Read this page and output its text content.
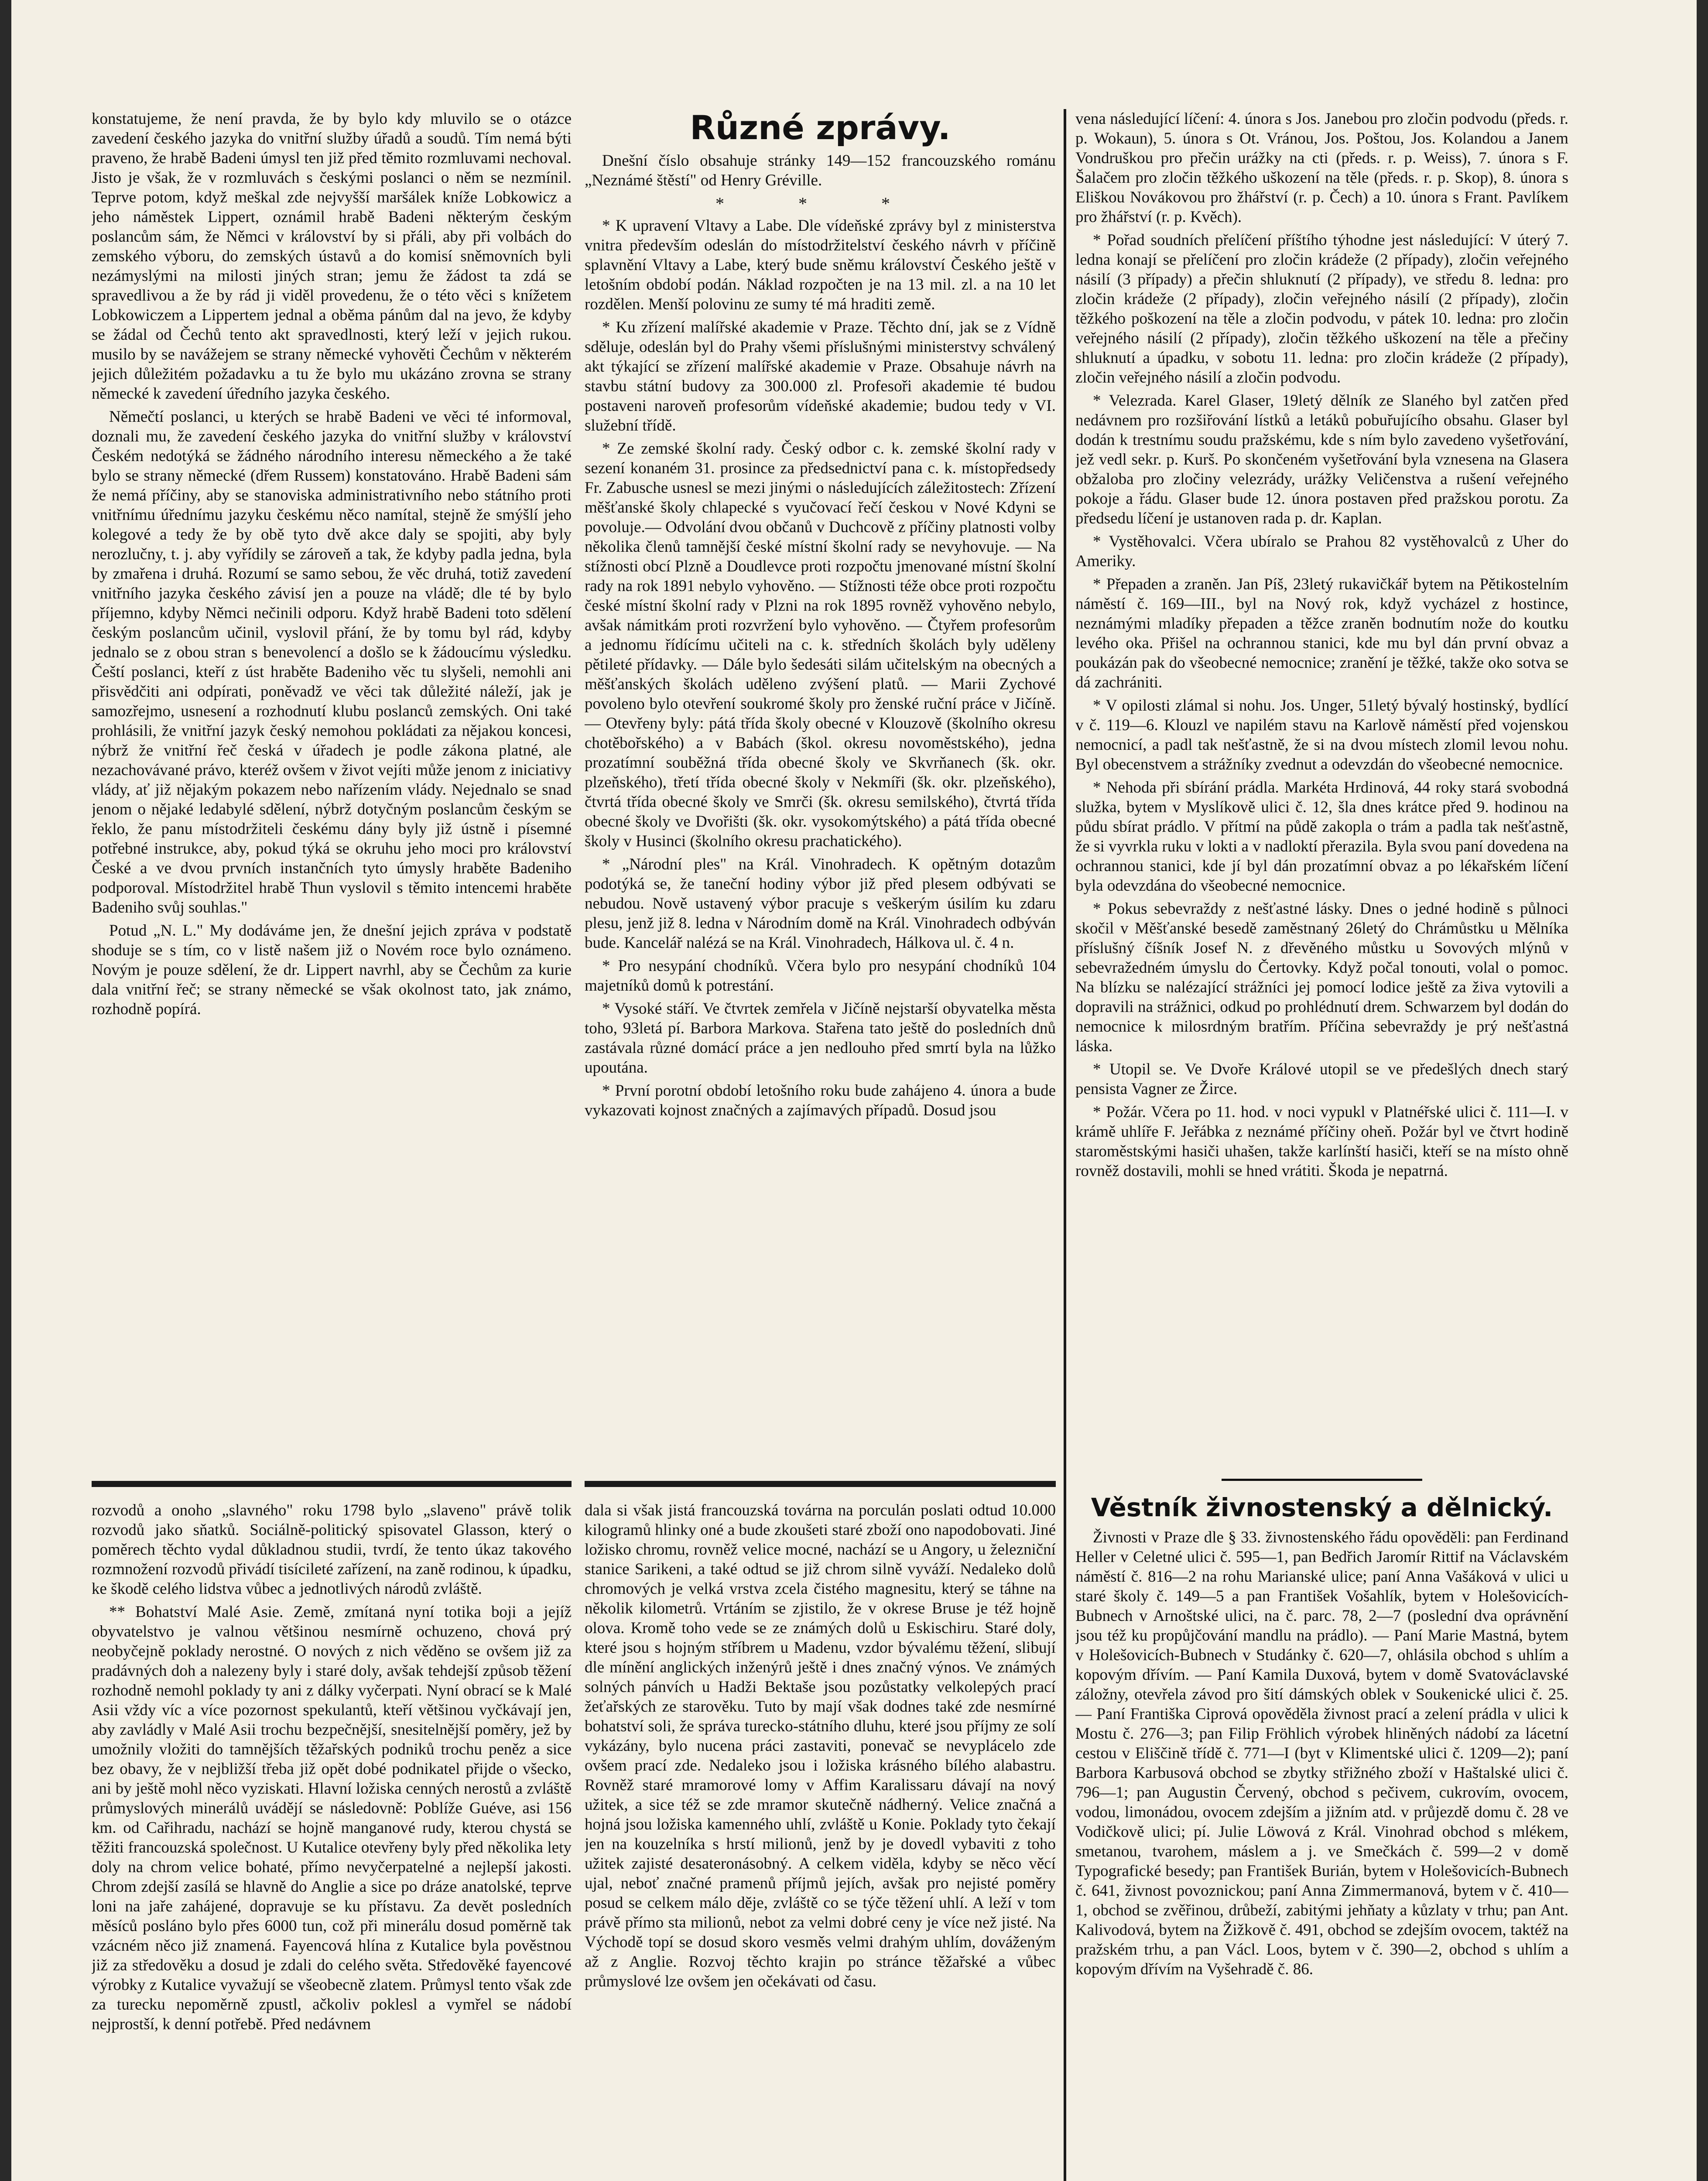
konstatujeme, že není pravda, že by bylo kdy mluvilo se o otázce zavedení českého jazyka do vnitřní služby úřadů a soudů. Tím nemá býti praveno, že hrabě Badeni úmysl ten již před těmito rozmluvami nechoval. Jisto je však, že v rozmluvách s českými poslanci o něm se nezmínil. Teprve potom, když meškal zde nejvyšší maršálek kníže Lobkowicz a jeho náměstek Lippert, oznámil hrabě Badeni některým českým poslancům sám, že Němci v království by si přáli, aby při volbách do zemského výboru, do zemských ústavů a do komisí sněmovních byli nezámyslými na milosti jiných stran; jemu že žádost ta zdá se spravedlivou a že by rád ji viděl provedenu, že o této věci s knížetem Lobkowiczem a Lippertem jednal a oběma pánům dal na jevo, že kdyby se žádal od Čechů tento akt spravedlnosti, který leží v jejich rukou. musilo by se navážejem se strany německé vyhověti Čechům v některém jejich důležitém požadavku a tu že bylo mu ukázáno zrovna se strany německé k zavedení úředního jazyka českého.

Němečtí poslanci, u kterých se hrabě Badeni ve věci té informoval, doznali mu, že zavedení českého jazyka do vnitřní služby v království Českém nedotýká se žádného národního interesu německého a že také bylo se strany německé (dřem Russem) konstatováno. Hrabě Badeni sám že nemá příčiny, aby se stanoviska administrativního nebo státního proti vnitřnímu úřednímu jazyku českému něco namítal, stejně že smýšlí jeho kolegové a tedy že by obě tyto dvě akce daly se spojiti, aby byly nerozlučny, t. j. aby vyřídily se zároveň a tak, že kdyby padla jedna, byla by zmařena i druhá. Rozumí se samo sebou, že věc druhá, totiž zavedení vnitřního jazyka českého závisí jen a pouze na vládě; dle té by bylo příjemno, kdyby Němci nečinili odporu. Když hrabě Badeni toto sdělení českým poslancům učinil, vyslovil přání, že by tomu byl rád, kdyby jednalo se z obou stran s benevolencí a došlo se k žádoucímu výsledku. Čeští poslanci, kteří z úst hraběte Badeniho věc tu slyšeli, nemohli ani přisvědčiti ani odpírati, poněvadž ve věci tak důležité náleží, jak je samozřejmo, usnesení a rozhodnutí klubu poslanců zemských. Oni také prohlásili, že vnitřní jazyk český nemohou pokládati za nějakou koncesi, nýbrž že vnitřní řeč česká v úřadech je podle zákona platné, ale nezachovávané právo, kteréž ovšem v život vejíti může jenom z iniciativy vlády, ať již nějakým pokazem nebo nařízením vlády. Nejednalo se snad jenom o nějaké ledabylé sdělení, nýbrž dotyčným poslancům českým se řeklo, že panu místodržiteli českému dány byly již ústně i písemné potřebné instrukce, aby, pokud týká se okruhu jeho moci pro království České a ve dvou prvních instančních tyto úmysly hraběte Badeniho podporoval. Místodržitel hrabě Thun vyslovil s těmito intencemi hraběte Badeniho svůj souhlas."

Potud „N. L." My dodáváme jen, že dnešní jejich zpráva v podstatě shoduje se s tím, co v listě našem již o Novém roce bylo oznámeno. Novým je pouze sdělení, že dr. Lippert navrhl, aby se Čechům za kurie dala vnitřní řeč; se strany německé se však okolnost tato, jak známo, rozhodně popírá.

rozvodů a onoho „slavného" roku 1798 bylo „slaveno" právě tolik rozvodů jako sňatků. Sociálně-politický spisovatel Glasson, který o poměrech těchto vydal důkladnou studii, tvrdí, že tento úkaz takového rozmnožení rozvodů přivádí tisícileté zařízení, na zaně rodinou, k úpadku, ke škodě celého lidstva vůbec a jednotlivých národů zvláště.

** Bohatství Malé Asie. Země, zmítaná nyní totika boji a jejíž obyvatelstvo je valnou většinou nesmírně ochuzeno, chová prý neobyčejně poklady nerostné. O nových z nich věděno se ovšem již za pradávných doh a nalezeny byly i staré doly, avšak tehdejší způsob těžení rozhodně nemohl poklady ty ani z dálky vyčerpati. Nyní obrací se k Malé Asii vždy víc a více pozornost spekulantů, kteří většinou vyčkávají jen, aby zavládly v Malé Asii trochu bezpečnější, snesitelnější poměry, jež by umožnily vložiti do tamnějších těžařských podniků trochu peněz a sice bez obavy, že v nejbližší třeba již opět dobé podnikatel přijde o všecko, ani by ještě mohl něco vyziskati. Hlavní ložiska cenných nerostů a zvláště průmyslových minerálů uvádějí se následovně: Poblíže Guéve, asi 156 km. od Cařihradu, nachází se hojně manganové rudy, kterou chystá se těžiti francouzská společnost. U Kutalice otevřeny byly před několika lety doly na chrom velice bohaté, přímo nevyčerpatelné a nejlepší jakosti. Chrom zdejší zasílá se hlavně do Anglie a sice po dráze anatolské, teprve loni na jaře zahájené, dopravuje se ku přístavu. Za devět posledních měsíců posláno bylo přes 6000 tun, což při minerálu dosud poměrně tak vzácném něco již znamená. Fayencová hlína z Kutalice byla pověstnou již za středověku a dosud je zdali do celého světa. Středověké fayencové výrobky z Kutalice vyvažují se všeobecně zlatem. Průmysl tento však zde za turecku nepoměrně zpustl, ačkoliv poklesl a vymřel se nádobí nejprostší, k denní potřebě. Před nedávnem

Různé zprávy.

Dnešní číslo obsahuje stránky 149—152 francouzského románu „Neznámé štěstí" od Henry Gréville.

* * *

* K upravení Vltavy a Labe. Dle vídeňské zprávy byl z ministerstva vnitra především odeslán do místodržitelství českého návrh v příčině splavnění Vltavy a Labe, který bude sněmu království Českého ještě v letošním období podán. Náklad rozpočten je na 13 mil. zl. a na 10 let rozdělen. Menší polovinu ze sumy té má hraditi země.

* Ku zřízení malířské akademie v Praze. Těchto dní, jak se z Vídně sděluje, odeslán byl do Prahy všemi příslušnými ministerstvy schválený akt týkající se zřízení malířské akademie v Praze. Obsahuje návrh na stavbu státní budovy za 300.000 zl. Profesoři akademie té budou postaveni naroveň profesorům vídeňské akademie; budou tedy v VI. služební třídě.

* Ze zemské školní rady. Český odbor c. k. zemské školní rady v sezení konaném 31. prosince za předsednictví pana c. k. místopředsedy Fr. Zabusche usnesl se mezi jinými o následujících záležitostech: Zřízení měšťanské školy chlapecké s vyučovací řečí českou v Nové Kdyni se povoluje.— Odvolání dvou občanů v Duchcově z příčiny platnosti volby několika členů tamnější české místní školní rady se nevyhovuje. — Na stížnosti obcí Plzně a Doudlevce proti rozpočtu jmenované místní školní rady na rok 1891 nebylo vyhověno. — Stížnosti téže obce proti rozpočtu české místní školní rady v Plzni na rok 1895 rovněž vyhověno nebylo, avšak námitkám proti rozvržení bylo vyhověno. — Čtyřem profesorům a jednomu řídícímu učiteli na c. k. středních školách byly uděleny pětileté přídavky. — Dále bylo šedesáti silám učitelským na obecných a měšťanských školách uděleno zvýšení platů. — Marii Zychové povoleno bylo otevření soukromé školy pro ženské ruční práce v Jičíně. — Otevřeny byly: pátá třída školy obecné v Klouzově (školního okresu chotěbořského) a v Babách (škol. okresu novoměstského), jedna prozatímní souběžná třída obecné školy ve Skvrňanech (šk. okr. plzeňského), třetí třída obecné školy v Nekmíři (šk. okr. plzeňského), čtvrtá třída obecné školy ve Smrči (šk. okresu semilského), čtvrtá třída obecné školy ve Dvořišti (šk. okr. vysokomýtského) a pátá třída obecné školy v Husinci (školního okresu prachatického).

* „Národní ples" na Král. Vinohradech. K opětným dotazům podotýká se, že taneční hodiny výbor již před plesem odbývati se nebudou. Nově ustavený výbor pracuje s veškerým úsilím ku zdaru plesu, jenž již 8. ledna v Národním domě na Král. Vinohradech odbýván bude. Kancelář nalézá se na Král. Vinohradech, Hálkova ul. č. 4 n.

* Pro nesypání chodníků. Včera bylo pro nesypání chodníků 104 majetníků domů k potrestání.

* Vysoké stáří. Ve čtvrtek zemřela v Jičíně nejstarší obyvatelka města toho, 93letá pí. Barbora Markova. Stařena tato ještě do posledních dnů zastávala různé domácí práce a jen nedlouho před smrtí byla na lůžko upoutána.

* První porotní období letošního roku bude zahájeno 4. února a bude vykazovati kojnost značných a zajímavých případů. Dosud jsou

dala si však jistá francouzská továrna na porculán poslati odtud 10.000 kilogramů hlinky oné a bude zkoušeti staré zboží ono napodobovati. Jiné ložisko chromu, rovněž velice mocné, nachází se u Angory, u železniční stanice Sarikeni, a také odtud se již chrom silně vyváží. Nedaleko dolů chromových je velká vrstva zcela čistého magnesitu, který se táhne na několik kilometrů. Vrtáním se zjistilo, že v okrese Bruse je též hojně olova. Kromě toho vede se ze známých dolů u Eskischiru. Staré doly, které jsou s hojným stříbrem u Madenu, vzdor bývalému těžení, slibují dle mínění anglických inženýrů ještě i dnes značný výnos. Ve známých solných pánvích u Hadži Bektaše jsou pozůstatky velkolepých prací žeťařských ze starověku. Tuto by mají však dodnes také zde nesmírné bohatství soli, že správa turecko-státního dluhu, které jsou příjmy ze solí vykázány, bylo nucena práci zastaviti, ponevač se nevyplácelo zde ovšem prací zde. Nedaleko jsou i ložiska krásného bílého alabastru. Rovněž staré mramorové lomy v Affim Karalissaru dávají na nový užitek, a sice též se zde mramor skutečně nádherný. Velice značná a hojná jsou ložiska kamenného uhlí, zvláště u Konie. Poklady tyto čekají jen na kouzelníka s hrstí milionů, jenž by je dovedl vybaviti z toho užitek zajisté desateronásobný. A celkem viděla, kdyby se něco věcí ujal, neboť značné pramenů příjmů jejích, avšak pro nejisté poměry posud se celkem málo děje, zvláště co se týče těžení uhlí. A leží v tom právě přímo sta milionů, nebot za velmi dobré ceny je více než jisté. Na Východě topí se dosud skoro vesměs velmi drahým uhlím, dováženým až z Anglie. Rozvoj těchto krajin po stránce těžařské a vůbec průmyslové lze ovšem jen očekávati od času.

vena následující líčení: 4. února s Jos. Janebou pro zločin podvodu (předs. r. p. Wokaun), 5. února s Ot. Vránou, Jos. Poštou, Jos. Kolandou a Janem Vondruškou pro přečin urážky na cti (předs. r. p. Weiss), 7. února s F. Šalačem pro zločin těžkého uškození na těle (předs. r. p. Skop), 8. února s Eliškou Novákovou pro žhářství (r. p. Čech) a 10. února s Frant. Pavlíkem pro žhářství (r. p. Kvěch).

* Pořad soudních přelíčení příštího týhodne jest následující: V úterý 7. ledna konají se přelíčení pro zločin krádeže (2 případy), zločin veřejného násilí (3 případy) a přečin shluknutí (2 případy), ve středu 8. ledna: pro zločin krádeže (2 případy), zločin veřejného násilí (2 případy), zločin těžkého poškození na těle a zločin podvodu, v pátek 10. ledna: pro zločin veřejného násilí (2 případy), zločin těžkého uškození na těle a přečiny shluknutí a úpadku, v sobotu 11. ledna: pro zločin krádeže (2 případy), zločin veřejného násilí a zločin podvodu.

* Velezrada. Karel Glaser, 19letý dělník ze Slaného byl zatčen před nedávnem pro rozšiřování lístků a letáků pobuřujícího obsahu. Glaser byl dodán k trestnímu soudu pražskému, kde s ním bylo zavedeno vyšetřování, jež vedl sekr. p. Kurš. Po skončeném vyšetřování byla vznesena na Glasera obžaloba pro zločiny velezrády, urážky Veličenstva a rušení veřejného pokoje a řádu. Glaser bude 12. února postaven před pražskou porotu. Za předsedu líčení je ustanoven rada p. dr. Kaplan.

* Vystěhovalci. Včera ubíralo se Prahou 82 vystěhovalců z Uher do Ameriky.

* Přepaden a zraněn. Jan Píš, 23letý rukavičkář bytem na Pětikostelním náměstí č. 169—III., byl na Nový rok, když vycházel z hostince, neznámými mladíky přepaden a těžce zraněn bodnutím nože do koutku levého oka. Přišel na ochrannou stanici, kde mu byl dán první obvaz a poukázán pak do všeobecné nemocnice; zranění je těžké, takže oko sotva se dá zachrániti.

* V opilosti zlámal si nohu. Jos. Unger, 51letý bývalý hostinský, bydlící v č. 119—6. Klouzl ve napilém stavu na Karlově náměstí před vojenskou nemocnicí, a padl tak nešťastně, že si na dvou místech zlomil levou nohu. Byl obecenstvem a strážníky zvednut a odevzdán do všeobecné nemocnice.

* Nehoda při sbírání prádla. Markéta Hrdinová, 44 roky stará svobodná služka, bytem v Myslíkově ulici č. 12, šla dnes krátce před 9. hodinou na půdu sbírat prádlo. V přítmí na půdě zakopla o trám a padla tak nešťastně, že si vyvrkla ruku v lokti a v nadloktí přerazila. Byla svou paní dovedena na ochrannou stanici, kde jí byl dán prozatímní obvaz a po lékařském líčení byla odevzdána do všeobecné nemocnice.

* Pokus sebevraždy z nešťastné lásky. Dnes o jedné hodině s půlnoci skočil v Měšťanské besedě zaměstnaný 26letý do Chrámůstku u Mělníka příslušný číšník Josef N. z dřevěného můstku u Sovových mlýnů v sebevražedném úmyslu do Čertovky. Když počal tonouti, volal o pomoc. Na blízku se nalézající strážníci jej pomocí lodice ještě za živa vytovili a dopravili na strážnici, odkud po prohlédnutí drem. Schwarzem byl dodán do nemocnice k milosrdným bratřím. Příčina sebevraždy je prý nešťastná láska.

* Utopil se. Ve Dvoře Králové utopil se ve předešlých dnech starý pensista Vagner ze Žirce.

* Požár. Včera po 11. hod. v noci vypukl v Platnéřské ulici č. 111—I. v krámě uhlíře F. Jeřábka z neznámé příčiny oheň. Požár byl ve čtvrt hodině staroměstskými hasiči uhašen, takže karlínští hasiči, kteří se na místo ohně rovněž dostavili, mohli se hned vrátiti. Škoda je nepatrná.

Věstník živnostenský a dělnický.

Živnosti v Praze dle § 33. živnostenského řádu opověděli: pan Ferdinand Heller v Celetné ulici č. 595—1, pan Bedřich Jaromír Rittif na Václavském náměstí č. 816—2 na rohu Marianské ulice; paní Anna Vašáková v ulici u staré školy č. 149—5 a pan František Vošahlík, bytem v Holešovicích-Bubnech v Arnoštské ulici, na č. parc. 78, 2—7 (poslední dva oprávnění jsou též ku propůjčování mandlu na prádlo). — Paní Marie Mastná, bytem v Holešovicích-Bubnech v Studánky č. 620—7, ohlásila obchod s uhlím a kopovým dřívím. — Paní Kamila Duxová, bytem v domě Svatováclavské záložny, otevřela závod pro šití dámských oblek v Soukenické ulici č. 25. — Paní Františka Ciprová opověděla živnost prací a zelení prádla v ulici k Mostu č. 276—3; pan Filip Fröhlich výrobek hliněných nádobí za lácetní cestou v Eliščině třídě č. 771—I (byt v Klimentské ulici č. 1209—2); paní Barbora Karbusová obchod se zbytky střižného zboží v Haštalské ulici č. 796—1; pan Augustin Červený, obchod s pečivem, cukrovím, ovocem, vodou, limonádou, ovocem zdejším a jižním atd. v průjezdě domu č. 28 ve Vodičkově ulici; pí. Julie Löwová z Král. Vinohrad obchod s mlékem, smetanou, tvarohem, máslem a j. ve Smečkách č. 599—2 v domě Typografické besedy; pan František Burián, bytem v Holešovicích-Bubnech č. 641, živnost povoznickou; paní Anna Zimmermanová, bytem v č. 410—1, obchod se zvěřinou, drůbeží, zabitými jehňaty a kůzlaty v trhu; pan Ant. Kalivodová, bytem na Žižkově č. 491, obchod se zdejším ovocem, taktéž na pražském trhu, a pan Václ. Loos, bytem v č. 390—2, obchod s uhlím a kopovým dřívím na Vyšehradě č. 86.
